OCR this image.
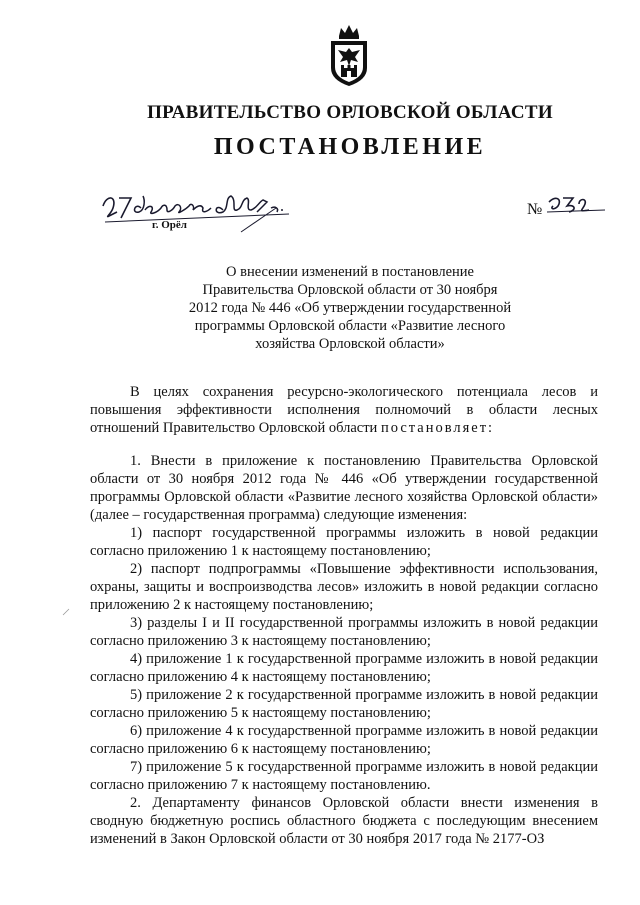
ПРАВИТЕЛЬСТВО ОРЛОВСКОЙ ОБЛАСТИ
ПОСТАНОВЛЕНИЕ
г. Орёл
№
О внесении изменений в постановление
Правительства Орловской области от 30 ноября
2012 года № 446 «Об утверждении государственной
программы Орловской области «Развитие лесного
хозяйства Орловской области»

В целях сохранения ресурсно-экологического потенциала лесов и повышения эффективности исполнения полномочий в области лесных отношений Правительство Орловской области постановляет:

1. Внести в приложение к постановлению Правительства Орловской области от 30 ноября 2012 года № 446 «Об утверждении государственной программы Орловской области «Развитие лесного хозяйства Орловской области» (далее – государственная программа) следующие изменения:

1) паспорт государственной программы изложить в новой редакции согласно приложению 1 к настоящему постановлению;

2) паспорт подпрограммы «Повышение эффективности использования, охраны, защиты и воспроизводства лесов» изложить в новой редакции согласно приложению 2 к настоящему постановлению;

3) разделы I и II государственной программы изложить в новой редакции согласно приложению 3 к настоящему постановлению;

4) приложение 1 к государственной программе изложить в новой редакции согласно приложению 4 к настоящему постановлению;

5) приложение 2 к государственной программе изложить в новой редакции согласно приложению 5 к настоящему постановлению;

6) приложение 4 к государственной программе изложить в новой редакции согласно приложению 6 к настоящему постановлению;

7) приложение 5 к государственной программе изложить в новой редакции согласно приложению 7 к настоящему постановлению.

2. Департаменту финансов Орловской области внести изменения в сводную бюджетную роспись областного бюджета с последующим внесением изменений в Закон Орловской области от 30 ноября 2017 года № 2177-ОЗ
